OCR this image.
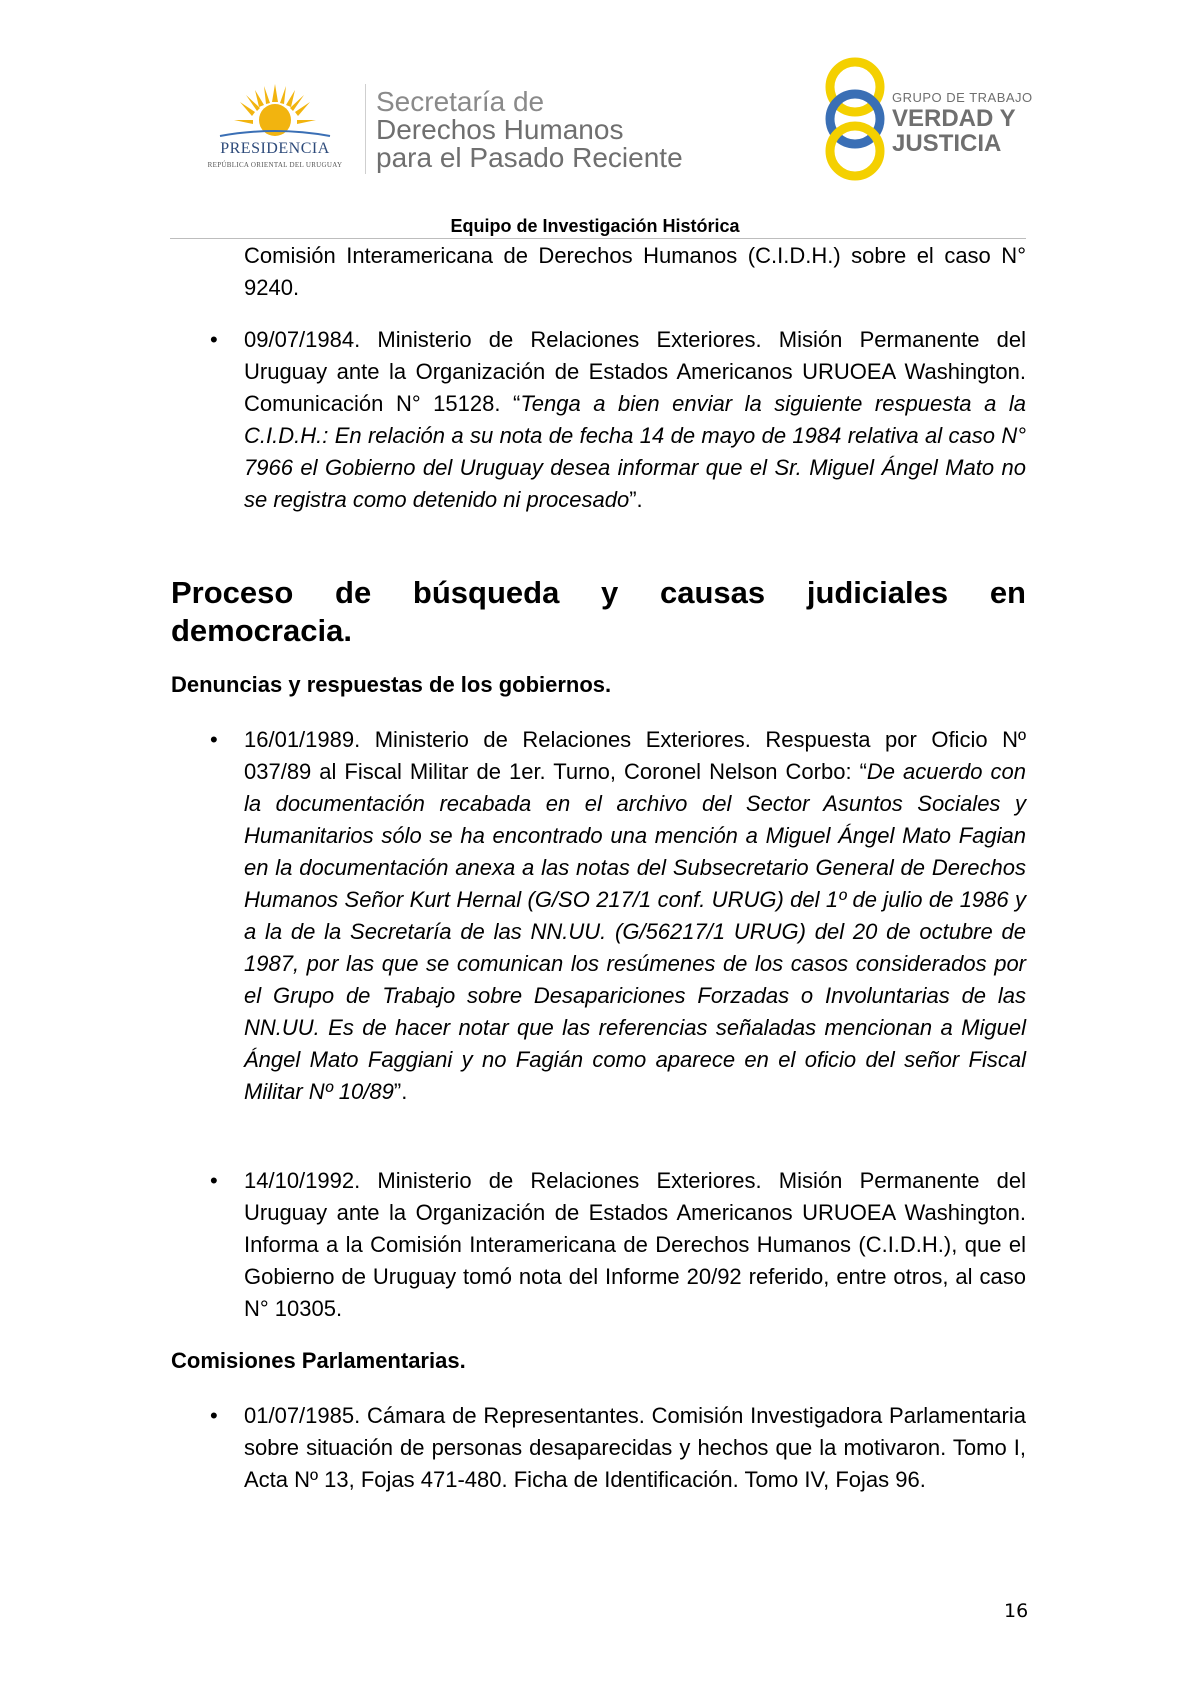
PRESIDENCIA
REPÚBLICA ORIENTAL DEL URUGUAY
Secretaría de
Derechos Humanos
para el Pasado Reciente
GRUPO DE TRABAJO
VERDAD Y
JUSTICIA
Equipo de Investigación Histórica
Comisión Interamericana de Derechos Humanos (C.I.D.H.) sobre el caso N° 9240.
• 09/07/1984. Ministerio de Relaciones Exteriores. Misión Permanente del Uruguay ante la Organización de Estados Americanos URUOEA Washington. Comunicación N° 15128. “Tenga a bien enviar la siguiente respuesta a la C.I.D.H.: En relación a su nota de fecha 14 de mayo de 1984 relativa al caso N° 7966 el Gobierno del Uruguay desea informar que el Sr. Miguel Ángel Mato no se registra como detenido ni procesado”.
Proceso de búsqueda y causas judiciales en
democracia.
Denuncias y respuestas de los gobiernos.
• 16/01/1989. Ministerio de Relaciones Exteriores. Respuesta por Oficio Nº 037/89 al Fiscal Militar de 1er. Turno, Coronel Nelson Corbo: “De acuerdo con la documentación recabada en el archivo del Sector Asuntos Sociales y Humanitarios sólo se ha encontrado una mención a Miguel Ángel Mato Fagian en la documentación anexa a las notas del Subsecretario General de Derechos Humanos Señor Kurt Hernal (G/SO 217/1 conf. URUG) del 1º de julio de 1986 y a la de la Secretaría de las NN.UU. (G/56217/1 URUG) del 20 de octubre de 1987, por las que se comunican los resúmenes de los casos considerados por el Grupo de Trabajo sobre Desapariciones Forzadas o Involuntarias de las NN.UU. Es de hacer notar que las referencias señaladas mencionan a Miguel Ángel Mato Faggiani y no Fagián como aparece en el oficio del señor Fiscal Militar Nº 10/89”.
• 14/10/1992. Ministerio de Relaciones Exteriores. Misión Permanente del Uruguay ante la Organización de Estados Americanos URUOEA Washington. Informa a la Comisión Interamericana de Derechos Humanos (C.I.D.H.), que el Gobierno de Uruguay tomó nota del Informe 20/92 referido, entre otros, al caso N° 10305.
Comisiones Parlamentarias.
• 01/07/1985. Cámara de Representantes. Comisión Investigadora Parlamentaria sobre situación de personas desaparecidas y hechos que la motivaron. Tomo I, Acta Nº 13, Fojas 471-480. Ficha de Identificación. Tomo IV, Fojas 96.
16
